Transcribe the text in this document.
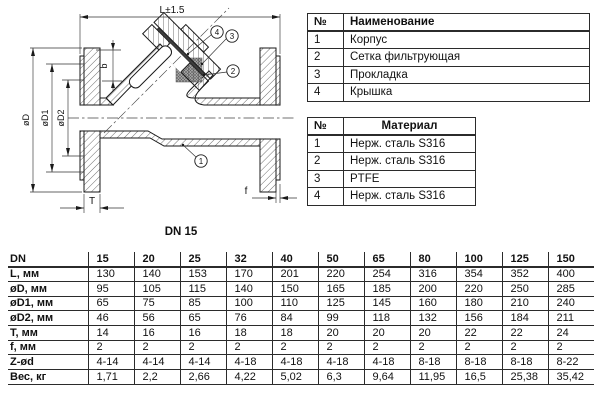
L±1.5
øD øD1 øD2
b
T
f
1
2
3
4
DN 15
№	Наименование
1	Корпус
2	Сетка фильтрующая
3	Прокладка
4	Крышка
№	Материал
1	Нерж. сталь S316
2	Нерж. сталь S316
3	PTFE
4	Нерж. сталь S316
DN	15	20	25	32	40	50	65	80	100	125	150
L, мм	130	140	153	170	201	220	254	316	354	352	400
øD, мм	95	105	115	140	150	165	185	200	220	250	285
øD1, мм	65	75	85	100	110	125	145	160	180	210	240
øD2, мм	46	56	65	76	84	99	118	132	156	184	211
T, мм	14	16	16	18	18	20	20	20	22	22	24
f, мм	2	2	2	2	2	2	2	2	2	2	2
Z-ød	4-14	4-14	4-14	4-18	4-18	4-18	4-18	8-18	8-18	8-18	8-22
Вес, кг	1,71	2,2	2,66	4,22	5,02	6,3	9,64	11,95	16,5	25,38	35,42
